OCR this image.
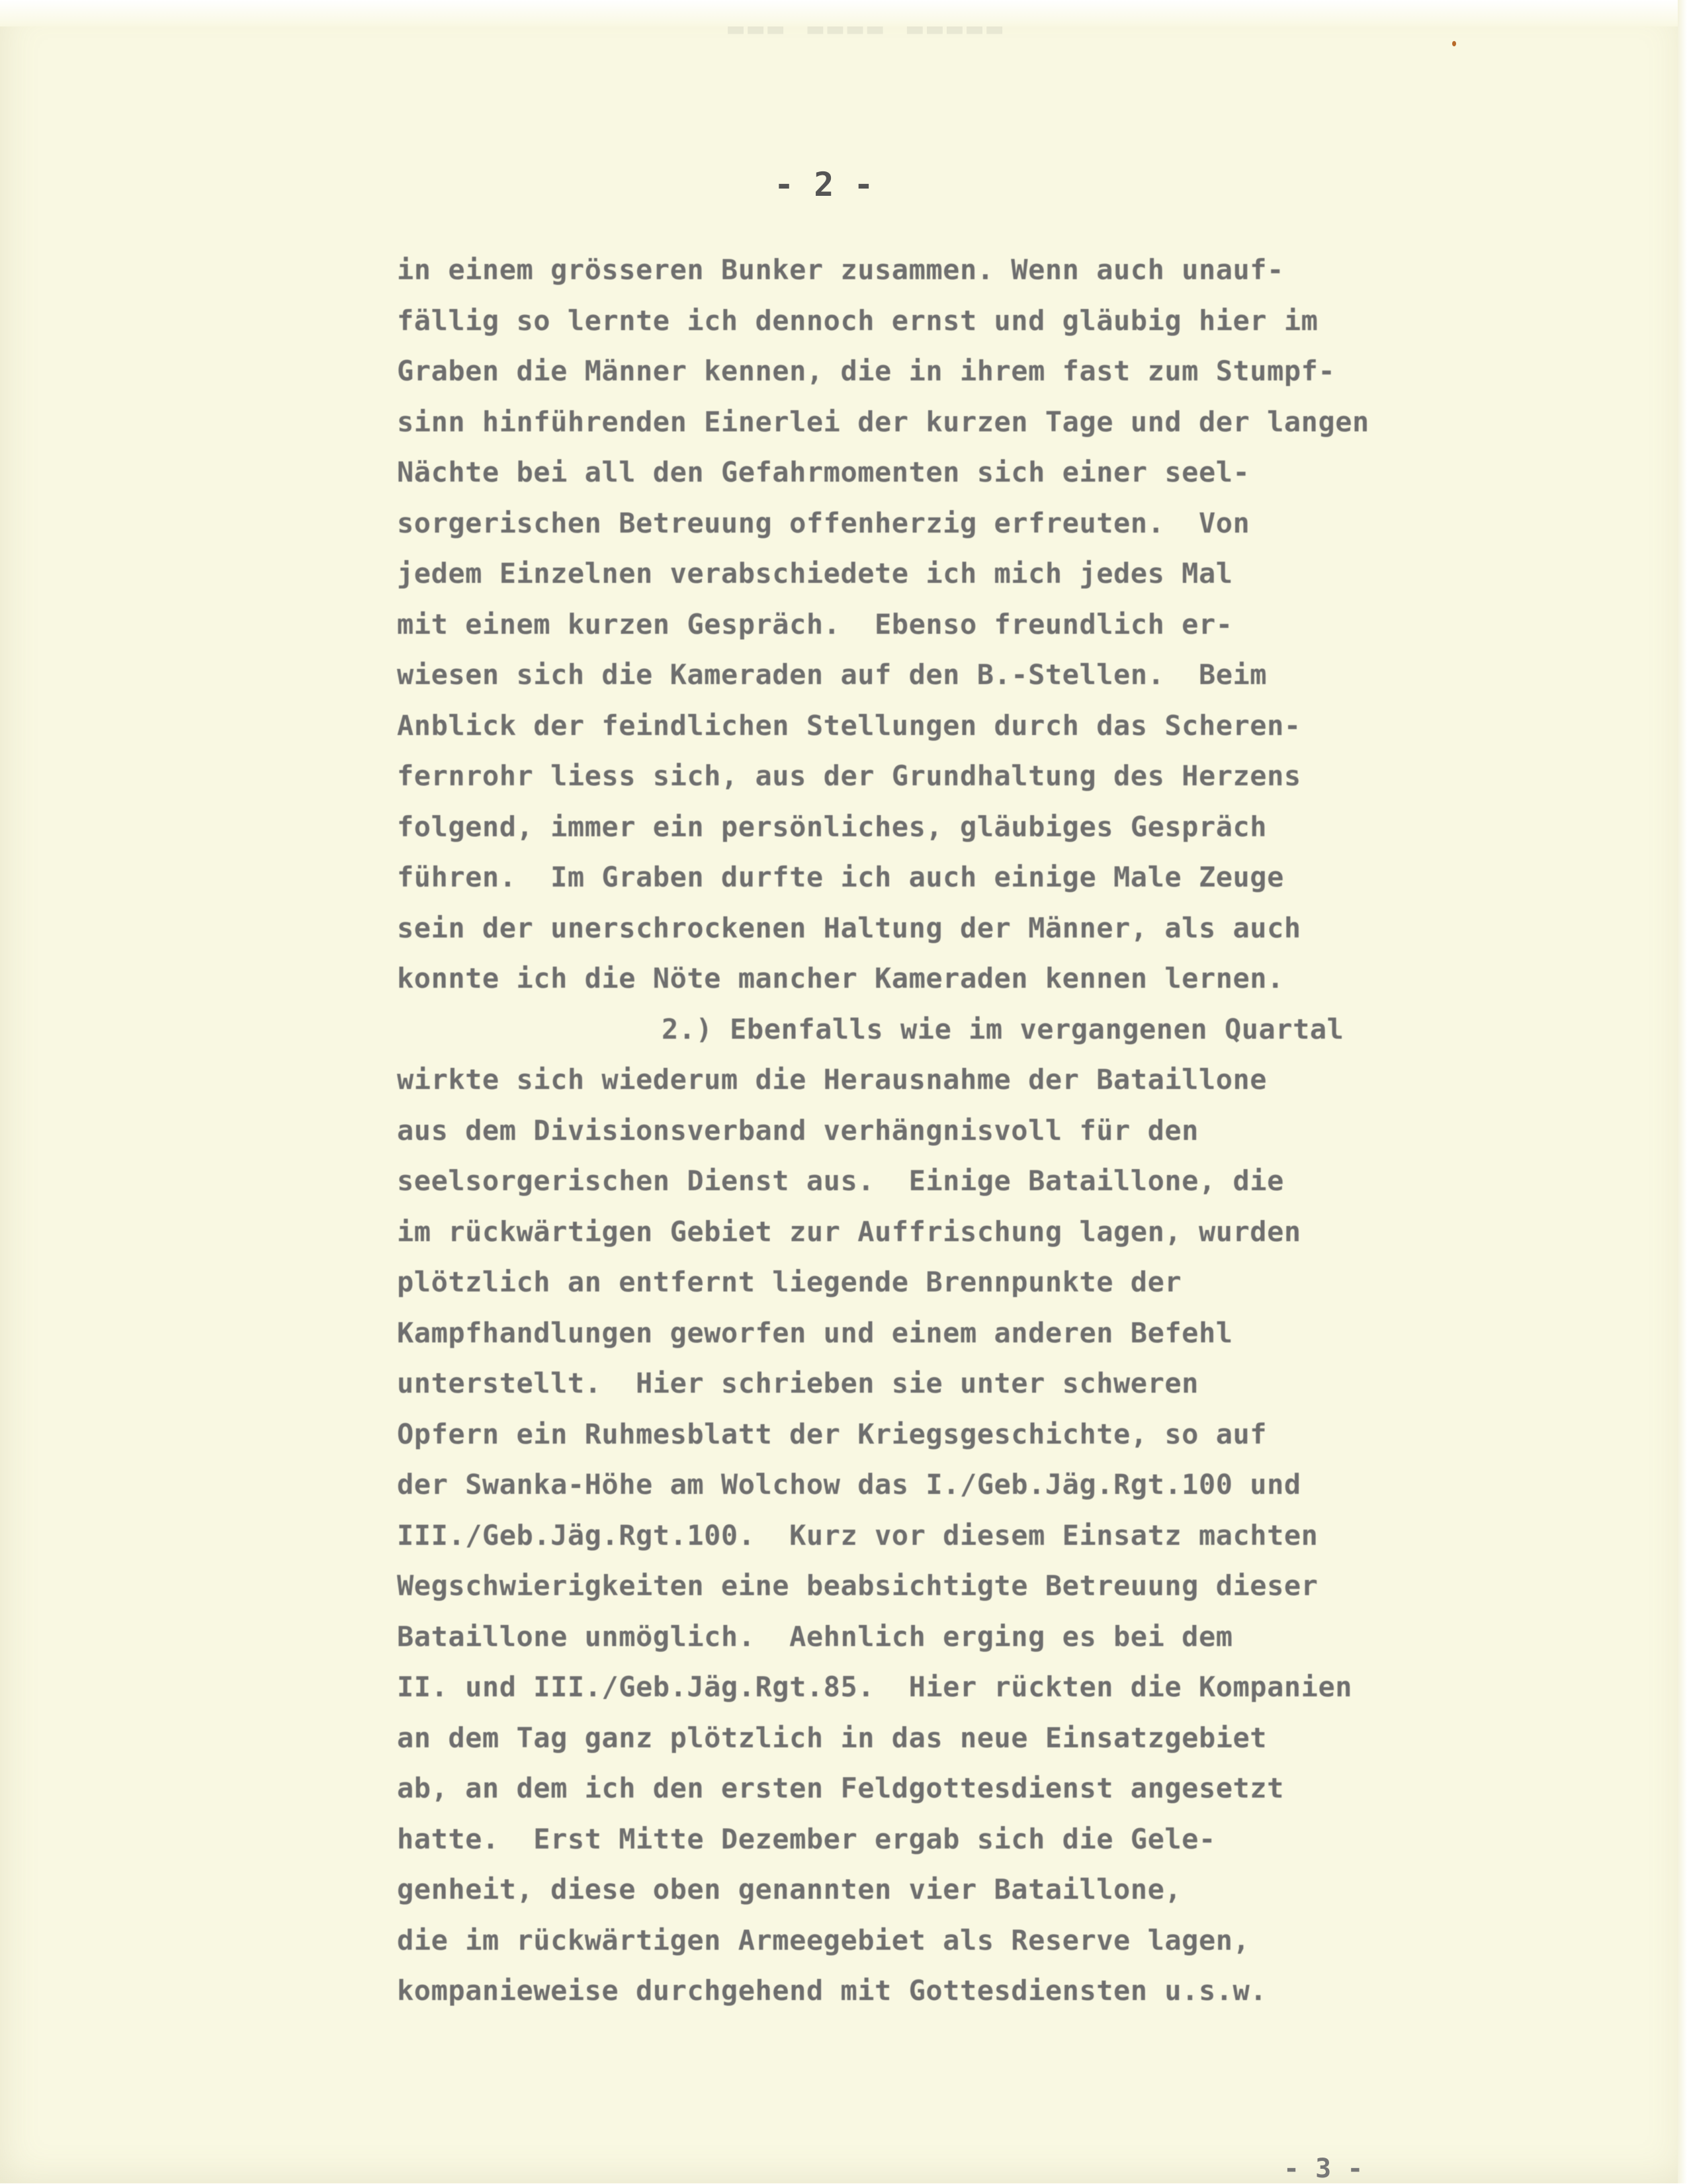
▬▬▬ ▬▬▬▬ ▬▬▬▬▬
- 2 -
in einem grösseren Bunker zusammen. Wenn auch unauf-
fällig so lernte ich dennoch ernst und gläubig hier im
Graben die Männer kennen, die in ihrem fast zum Stumpf-
sinn hinführenden Einerlei der kurzen Tage und der langen
Nächte bei all den Gefahrmomenten sich einer seel-
sorgerischen Betreuung offenherzig erfreuten.  Von
jedem Einzelnen verabschiedete ich mich jedes Mal
mit einem kurzen Gespräch.  Ebenso freundlich er-
wiesen sich die Kameraden auf den B.-Stellen.  Beim
Anblick der feindlichen Stellungen durch das Scheren-
fernrohr liess sich, aus der Grundhaltung des Herzens
folgend, immer ein persönliches, gläubiges Gespräch
führen.  Im Graben durfte ich auch einige Male Zeuge
sein der unerschrockenen Haltung der Männer, als auch
konnte ich die Nöte mancher Kameraden kennen lernen.
2.) Ebenfalls wie im vergangenen Quartal
wirkte sich wiederum die Herausnahme der Bataillone
aus dem Divisionsverband verhängnisvoll für den
seelsorgerischen Dienst aus.  Einige Bataillone, die
im rückwärtigen Gebiet zur Auffrischung lagen, wurden
plötzlich an entfernt liegende Brennpunkte der
Kampfhandlungen geworfen und einem anderen Befehl
unterstellt.  Hier schrieben sie unter schweren
Opfern ein Ruhmesblatt der Kriegsgeschichte, so auf
der Swanka-Höhe am Wolchow das I./Geb.Jäg.Rgt.100 und
III./Geb.Jäg.Rgt.100.  Kurz vor diesem Einsatz machten
Wegschwierigkeiten eine beabsichtigte Betreuung dieser
Bataillone unmöglich.  Aehnlich erging es bei dem
II. und III./Geb.Jäg.Rgt.85.  Hier rückten die Kompanien
an dem Tag ganz plötzlich in das neue Einsatzgebiet
ab, an dem ich den ersten Feldgottesdienst angesetzt
hatte.  Erst Mitte Dezember ergab sich die Gele-
genheit, diese oben genannten vier Bataillone,
die im rückwärtigen Armeegebiet als Reserve lagen,
kompanieweise durchgehend mit Gottesdiensten u.s.w.
- 3 -
